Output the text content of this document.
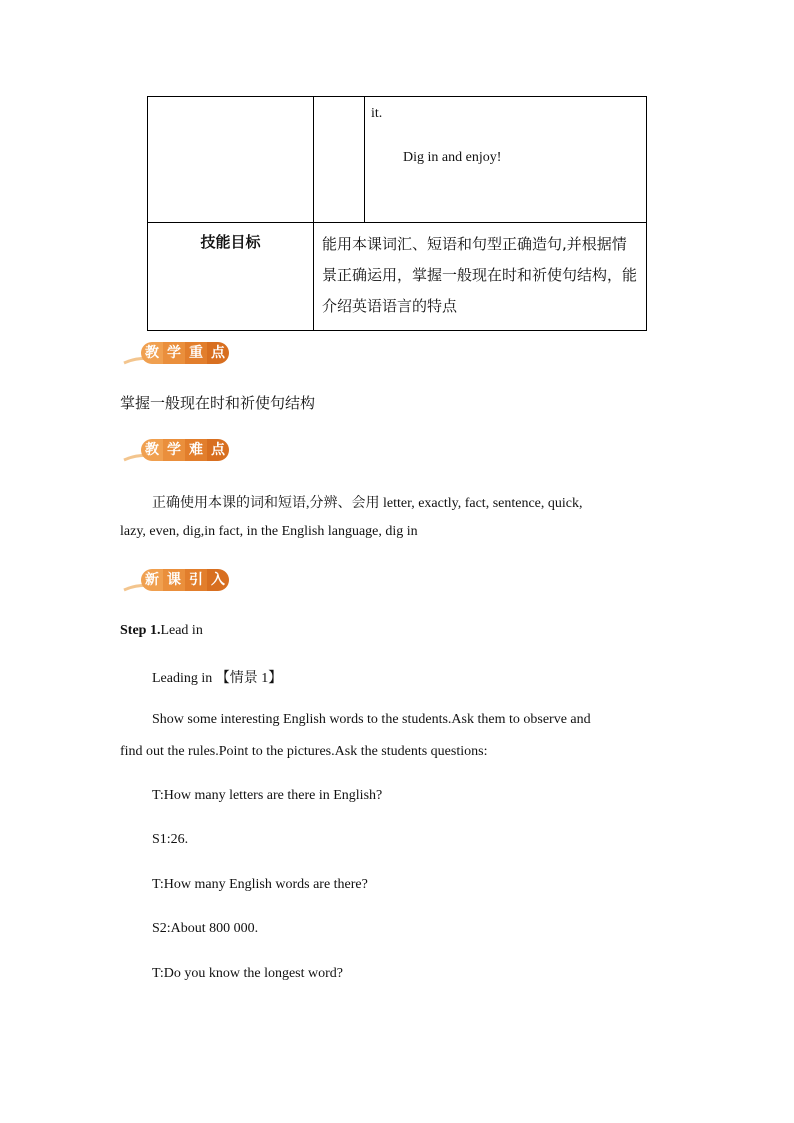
		it.
Dig in and enjoy!

技能目标	能用本课词汇、短语和句型正确造句,并根据情景正确运用，掌握一般现在时和祈使句结构，能介绍英语语言的特点	
教 学 重 点
掌握一般现在时和祈使句结构
教 学 难 点
正确使用本课的词和短语,分辨、会用 letter, exactly, fact, sentence, quick,
lazy, even, dig,in fact, in the English language, dig in
新 课 引 入
Step 1.Lead in
Leading in 【情景 1】
Show some interesting English words to the students.Ask them to observe and
find out the rules.Point to the pictures.Ask the students questions:
T:How many letters are there in English?
S1:26.
T:How many English words are there?
S2:About 800 000.
T:Do you know the longest word?
